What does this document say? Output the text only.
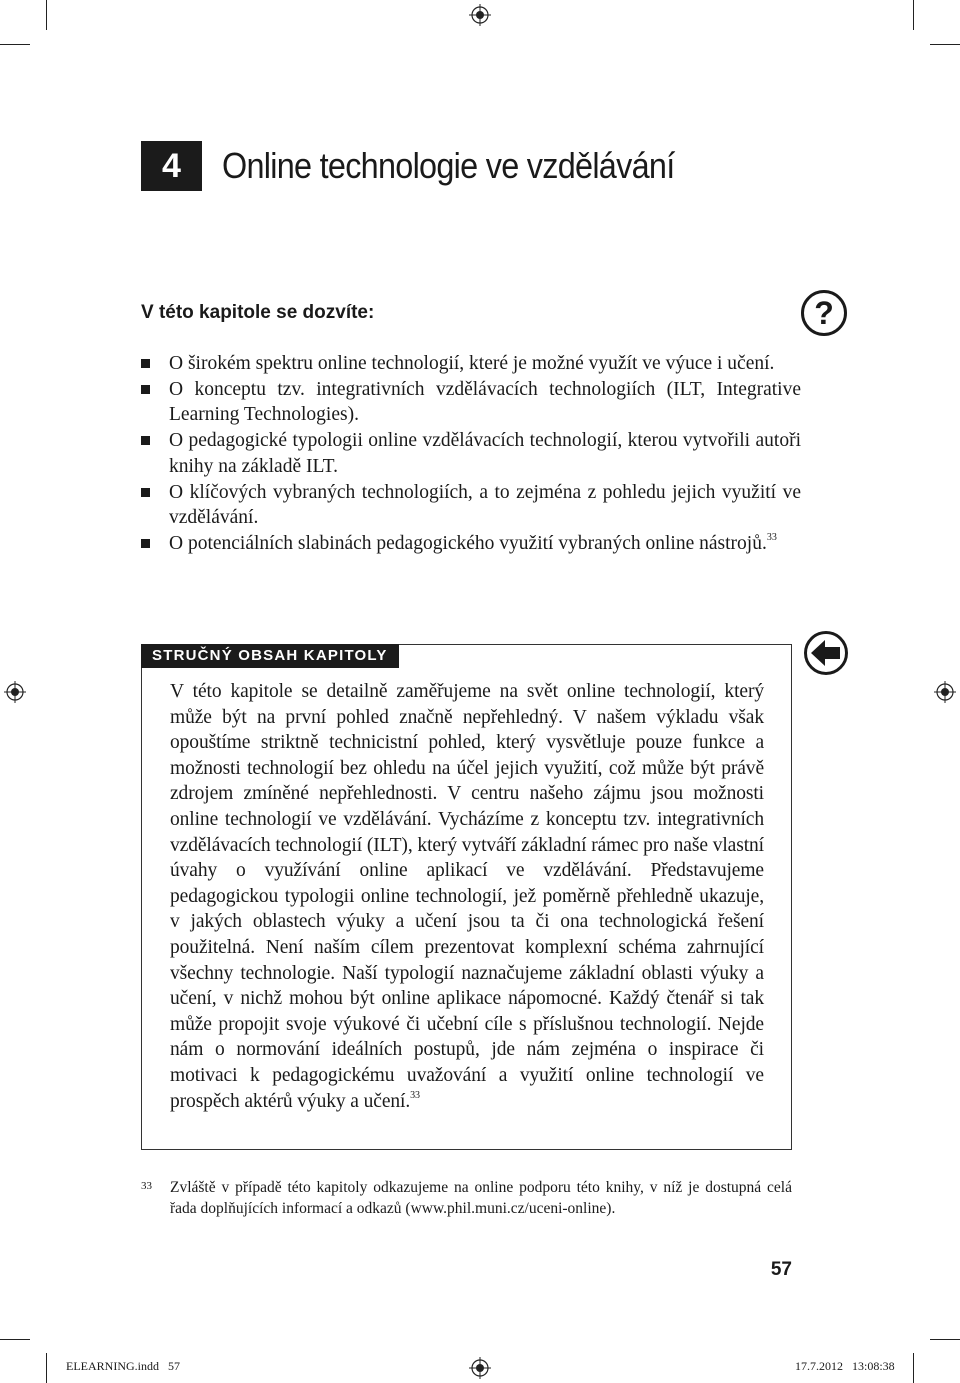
4	Online technologie ve vzdělávání
V této kapitole se dozvíte:	?
O širokém spektru online technologií, které je možné využít ve výuce i učení.
O konceptu tzv. integrativních vzdělávacích technologiích (ILT, Integrative Learning Technologies).
O pedagogické typologii online vzdělávacích technologií, kterou vytvořili autoři knihy na základě ILT.
O klíčových vybraných technologiích, a to zejména z pohledu jejich využití ve vzdělávání.
O potenciálních slabinách pedagogického využití vybraných online nástrojů.$^{33}$
STRUČNÝ OBSAH KAPITOLY

V této kapitole se detailně zaměřujeme na svět online technologií, který může být na první pohled značně nepřehledný. V našem výkladu však opouštíme striktně technicistní pohled, který vysvětluje pouze funkce a možnosti technologií bez ohledu na účel jejich využití, což může být právě zdrojem zmíněné nepřehlednosti. V centru našeho zájmu jsou možnosti online technologií ve vzdělávání. Vycházíme z konceptu tzv. integrativních vzdělávacích technologií (ILT), který vytváří základní rámec pro naše vlastní úvahy o využívání online aplikací ve vzdělávání. Představujeme pedagogickou typologii online technologií, jež poměrně přehledně ukazuje, v jakých oblastech výuky a učení jsou ta či ona technologická řešení použitelná. Není naším cílem prezentovat komplexní schéma zahrnující všechny technologie. Naší typologií naznačujeme základní oblasti výuky a učení, v nichž mohou být online aplikace nápomocné. Každý čtenář si tak může propojit svoje výukové či učební cíle s příslušnou technologií. Nejde nám o normování ideálních postupů, jde nám zejména o inspirace či motivaci k pedagogickému uvažování a využití online technologií ve prospěch aktérů výuky a učení.$^{33}$

33 Zvláště v případě této kapitoly odkazujeme na online podporu této knihy, v níž je dostupná celá řada doplňujících informací a odkazů (www.phil.muni.cz/uceni-online).

57
ELEARNING.indd   57	17.7.2012   13:08:38
